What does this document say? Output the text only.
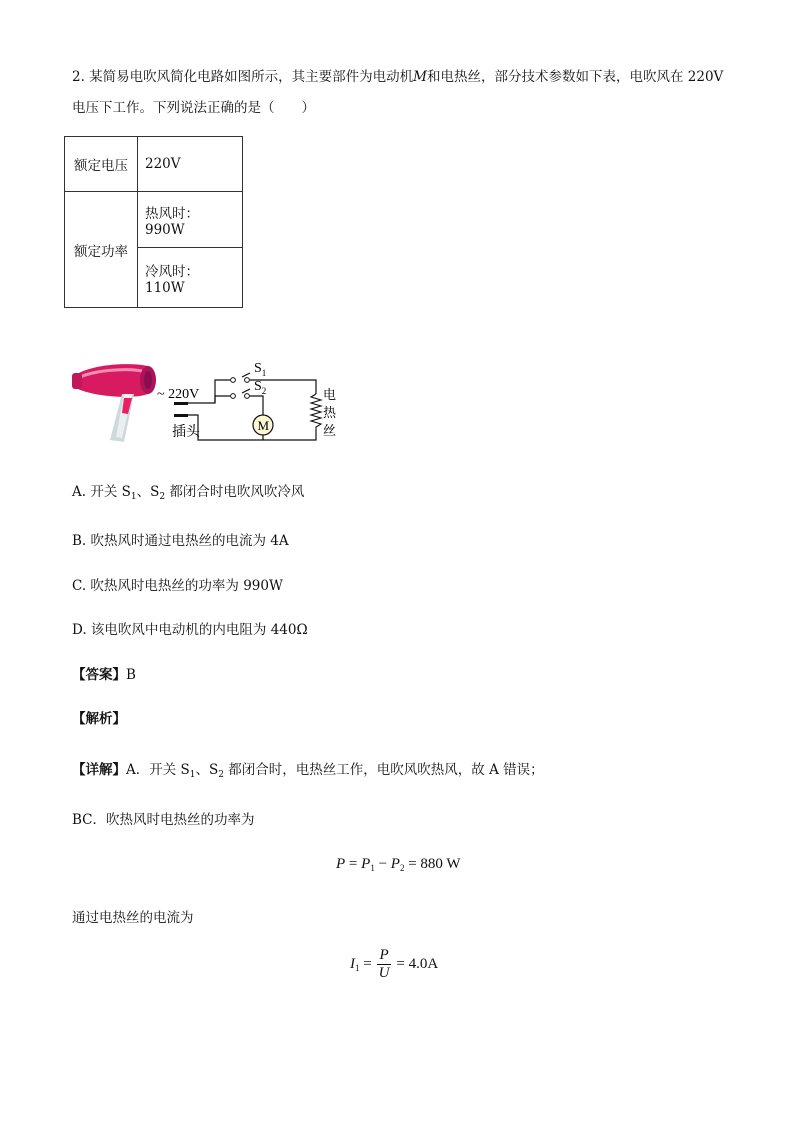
2. 某简易电吹风简化电路如图所示，其主要部件为电动机M和电热丝，部分技术参数如下表，电吹风在 220V
电压下工作。下列说法正确的是（　　）
额定电压	220V
额定功率	热风时：990W
	冷风时：110W
~ 220V
插头
$S_1$
$S_2$
M
电
热
丝
A. 开关 $S_1$、$S_2$ 都闭合时电吹风吹冷风
B. 吹热风时通过电热丝的电流为 4A
C. 吹热风时电热丝的功率为 990W
D. 该电吹风中电动机的内电阻为 440Ω
【答案】B
【解析】
【详解】A．开关 $S_1$、$S_2$ 都闭合时，电热丝工作，电吹风吹热风，故 A 错误；
BC．吹热风时电热丝的功率为
$P = P_1 - P_2 = 880$ W
通过电热丝的电流为
$I_1 = \frac{P}{U} = 4.0A$
